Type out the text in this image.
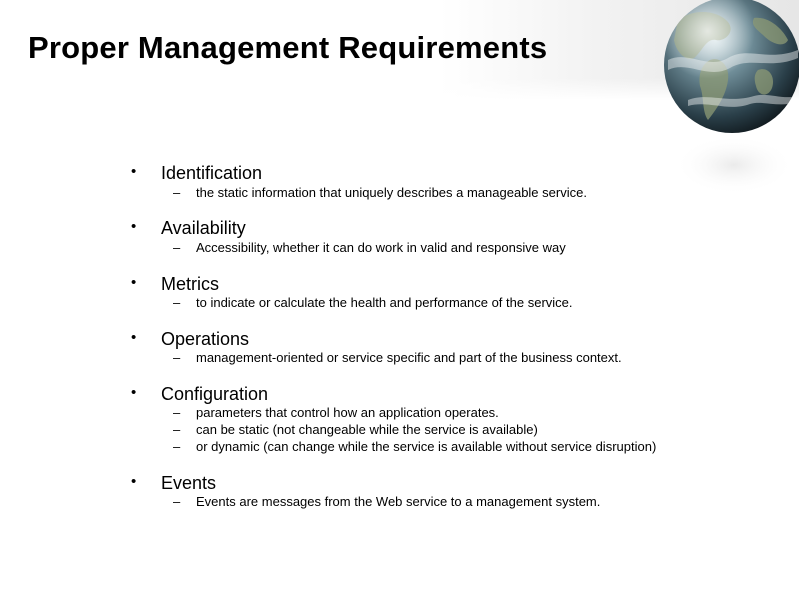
Proper Management Requirements
• Identification
– the static information that uniquely describes a manageable service.
• Availability
– Accessibility, whether it can do work in valid and responsive way
• Metrics
– to indicate or calculate the health and performance of the service.
• Operations
– management-oriented or service specific and part of the business context.
• Configuration
– parameters that control how an application operates.
– can be static (not changeable while the service is available)
– or dynamic (can change while the service is available without service disruption)
• Events
– Events are messages from the Web service to a management system.
